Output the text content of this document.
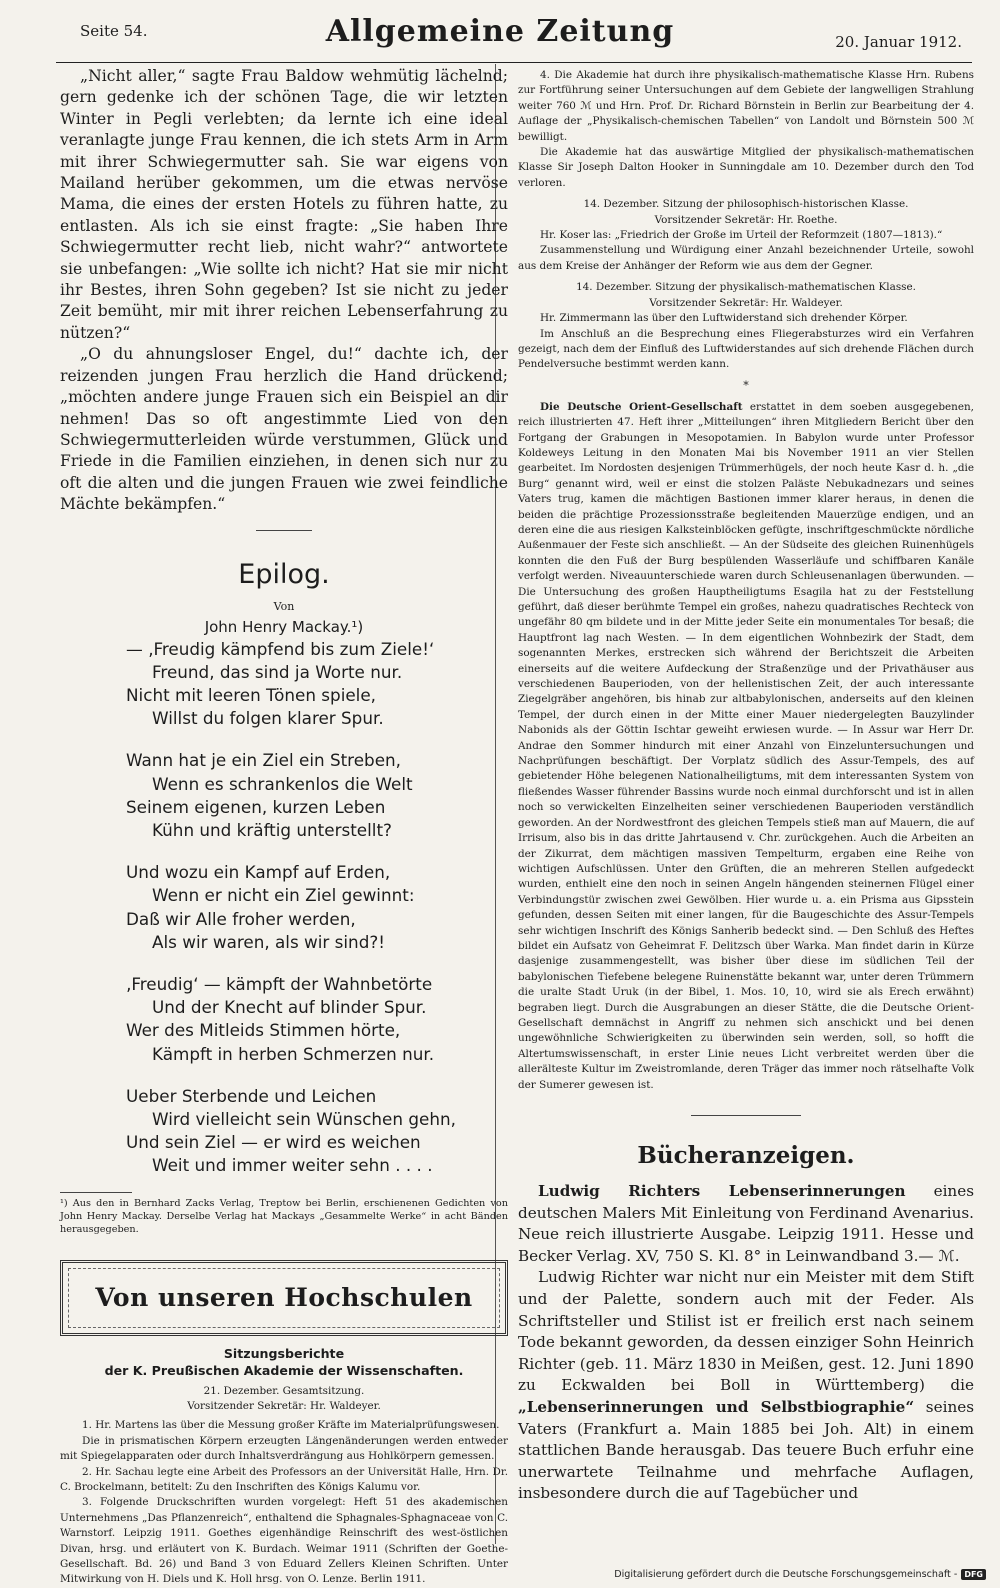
Seite 54.	Allgemeine Zeitung	20. Januar 1912.

„Nicht aller,“ sagte Frau Baldow wehmütig lächelnd; gern gedenke ich der schönen Tage, die wir letzten Winter in Pegli verlebten; da lernte ich eine ideal veranlagte junge Frau kennen, die ich stets Arm in Arm mit ihrer Schwiegermutter sah. Sie war eigens von Mailand herüber gekommen, um die etwas nervöse Mama, die eines der ersten Hotels zu führen hatte, zu entlasten. Als ich sie einst fragte: „Sie haben Ihre Schwiegermutter recht lieb, nicht wahr?“ antwortete sie unbefangen: „Wie sollte ich nicht? Hat sie mir nicht ihr Bestes, ihren Sohn gegeben? Ist sie nicht zu jeder Zeit bemüht, mir mit ihrer reichen Lebenserfahrung zu nützen?“

„O du ahnungsloser Engel, du!“ dachte ich, der reizenden jungen Frau herzlich die Hand drückend; „möchten andere junge Frauen sich ein Beispiel an dir nehmen! Das so oft angestimmte Lied von den Schwiegermutterleiden würde verstummen, Glück und Friede in die Familien einziehen, in denen sich nur zu oft die alten und die jungen Frauen wie zwei feindliche Mächte bekämpfen.“

Epilog.
Von
John Henry Mackay.¹)

— ‚Freudig kämpfend bis zum Ziele!‘

Freund, das sind ja Worte nur.

Nicht mit leeren Tönen spiele,

Willst du folgen klarer Spur.

Wann hat je ein Ziel ein Streben,

Wenn es schrankenlos die Welt

Seinem eigenen, kurzen Leben

Kühn und kräftig unterstellt?

Und wozu ein Kampf auf Erden,

Wenn er nicht ein Ziel gewinnt:

Daß wir Alle froher werden,

Als wir waren, als wir sind?!

‚Freudig‘ — kämpft der Wahnbetörte

Und der Knecht auf blinder Spur.

Wer des Mitleids Stimmen hörte,

Kämpft in herben Schmerzen nur.

Ueber Sterbende und Leichen

Wird vielleicht sein Wünschen gehn,

Und sein Ziel — er wird es weichen

Weit und immer weiter sehn . . . .

¹) Aus den in Bernhard Zacks Verlag, Treptow bei Berlin, erschienenen Gedichten von John Henry Mackay. Derselbe Verlag hat Mackays „Gesammelte Werke“ in acht Bänden herausgegeben.
Von unseren Hochschulen
Sitzungsberichte
der K. Preußischen Akademie der Wissenschaften.

21. Dezember. Gesamtsitzung.

Vorsitzender Sekretär: Hr. Waldeyer.

1. Hr. Martens las über die Messung großer Kräfte im Materialprüfungswesen.

Die in prismatischen Körpern erzeugten Längenänderungen werden entweder mit Spiegelapparaten oder durch Inhaltsverdrängung aus Hohlkörpern gemessen.

2. Hr. Sachau legte eine Arbeit des Professors an der Universität Halle, Hrn. Dr. C. Brockelmann, betitelt: Zu den Inschriften des Königs Kalumu vor.

3. Folgende Druckschriften wurden vorgelegt: Heft 51 des akademischen Unternehmens „Das Pflanzenreich“, enthaltend die Sphagnales-Sphagnaceae von C. Warnstorf. Leipzig 1911. Goethes eigenhändige Reinschrift des west-östlichen Divan, hrsg. und erläutert von K. Burdach. Weimar 1911 (Schriften der Goethe-Gesellschaft. Bd. 26) und Band 3 von Eduard Zellers Kleinen Schriften. Unter Mitwirkung von H. Diels und K. Holl hrsg. von O. Lenze. Berlin 1911.

4. Die Akademie hat durch ihre physikalisch-mathematische Klasse Hrn. Rubens zur Fortführung seiner Untersuchungen auf dem Gebiete der langwelligen Strahlung weiter 760 ℳ und Hrn. Prof. Dr. Richard Börnstein in Berlin zur Bearbeitung der 4. Auflage der „Physikalisch-chemischen Tabellen“ von Landolt und Börnstein 500 ℳ bewilligt.

Die Akademie hat das auswärtige Mitglied der physikalisch-mathematischen Klasse Sir Joseph Dalton Hooker in Sunningdale am 10. Dezember durch den Tod verloren.

14. Dezember. Sitzung der philosophisch-historischen Klasse.

Vorsitzender Sekretär: Hr. Roethe.

Hr. Koser las: „Friedrich der Große im Urteil der Reformzeit (1807—1813).“

Zusammenstellung und Würdigung einer Anzahl bezeichnender Urteile, sowohl aus dem Kreise der Anhänger der Reform wie aus dem der Gegner.

14. Dezember. Sitzung der physikalisch-mathematischen Klasse.

Vorsitzender Sekretär: Hr. Waldeyer.

Hr. Zimmermann las über den Luftwiderstand sich drehender Körper.

Im Anschluß an die Besprechung eines Fliegerabsturzes wird ein Verfahren gezeigt, nach dem der Einfluß des Luftwiderstandes auf sich drehende Flächen durch Pendelversuche bestimmt werden kann.

*

Die Deutsche Orient-Gesellschaft erstattet in dem soeben ausgegebenen, reich illustrierten 47. Heft ihrer „Mitteilungen“ ihren Mitgliedern Bericht über den Fortgang der Grabungen in Mesopotamien. In Babylon wurde unter Professor Koldeweys Leitung in den Monaten Mai bis November 1911 an vier Stellen gearbeitet. Im Nordosten desjenigen Trümmerhügels, der noch heute Kasr d. h. „die Burg“ genannt wird, weil er einst die stolzen Paläste Nebukadnezars und seines Vaters trug, kamen die mächtigen Bastionen immer klarer heraus, in denen die beiden die prächtige Prozessionsstraße begleitenden Mauerzüge endigen, und an deren eine die aus riesigen Kalksteinblöcken gefügte, inschriftgeschmückte nördliche Außenmauer der Feste sich anschließt. — An der Südseite des gleichen Ruinenhügels konnten die den Fuß der Burg bespülenden Wasserläufe und schiffbaren Kanäle verfolgt werden. Niveauunterschiede waren durch Schleusenanlagen überwunden. — Die Untersuchung des großen Hauptheiligtums Esagila hat zu der Feststellung geführt, daß dieser berühmte Tempel ein großes, nahezu quadratisches Rechteck von ungefähr 80 qm bildete und in der Mitte jeder Seite ein monumentales Tor besaß; die Hauptfront lag nach Westen. — In dem eigentlichen Wohnbezirk der Stadt, dem sogenannten Merkes, erstrecken sich während der Berichtszeit die Arbeiten einerseits auf die weitere Aufdeckung der Straßenzüge und der Privathäuser aus verschiedenen Bauperioden, von der hellenistischen Zeit, der auch interessante Ziegelgräber angehören, bis hinab zur altbabylonischen, anderseits auf den kleinen Tempel, der durch einen in der Mitte einer Mauer niedergelegten Bauzylinder Nabonids als der Göttin Ischtar geweiht erwiesen wurde. — In Assur war Herr Dr. Andrae den Sommer hindurch mit einer Anzahl von Einzeluntersuchungen und Nachprüfungen beschäftigt. Der Vorplatz südlich des Assur-Tempels, des auf gebietender Höhe belegenen Nationalheiligtums, mit dem interessanten System von fließendes Wasser führender Bassins wurde noch einmal durchforscht und ist in allen noch so verwickelten Einzelheiten seiner verschiedenen Bauperioden verständlich geworden. An der Nordwestfront des gleichen Tempels stieß man auf Mauern, die auf Irrisum, also bis in das dritte Jahrtausend v. Chr. zurückgehen. Auch die Arbeiten an der Zikurrat, dem mächtigen massiven Tempelturm, ergaben eine Reihe von wichtigen Aufschlüssen. Unter den Grüften, die an mehreren Stellen aufgedeckt wurden, enthielt eine den noch in seinen Angeln hängenden steinernen Flügel einer Verbindungstür zwischen zwei Gewölben. Hier wurde u. a. ein Prisma aus Gipsstein gefunden, dessen Seiten mit einer langen, für die Baugeschichte des Assur-Tempels sehr wichtigen Inschrift des Königs Sanherib bedeckt sind. — Den Schluß des Heftes bildet ein Aufsatz von Geheimrat F. Delitzsch über Warka. Man findet darin in Kürze dasjenige zusammengestellt, was bisher über diese im südlichen Teil der babylonischen Tiefebene belegene Ruinenstätte bekannt war, unter deren Trümmern die uralte Stadt Uruk (in der Bibel, 1. Mos. 10, 10, wird sie als Erech erwähnt) begraben liegt. Durch die Ausgrabungen an dieser Stätte, die die Deutsche Orient-Gesellschaft demnächst in Angriff zu nehmen sich anschickt und bei denen ungewöhnliche Schwierigkeiten zu überwinden sein werden, soll, so hofft die Altertumswissenschaft, in erster Linie neues Licht verbreitet werden über die allerälteste Kultur im Zweistromlande, deren Träger das immer noch rätselhafte Volk der Sumerer gewesen ist.

Bücheranzeigen.

Ludwig Richters Lebenserinnerungen eines deutschen Malers Mit Einleitung von Ferdinand Avenarius. Neue reich illustrierte Ausgabe. Leipzig 1911. Hesse und Becker Verlag. XV, 750 S. Kl. 8° in Leinwandband 3.— ℳ.

Ludwig Richter war nicht nur ein Meister mit dem Stift und der Palette, sondern auch mit der Feder. Als Schriftsteller und Stilist ist er freilich erst nach seinem Tode bekannt geworden, da dessen einziger Sohn Heinrich Richter (geb. 11. März 1830 in Meißen, gest. 12. Juni 1890 zu Eckwalden bei Boll in Württemberg) die „Lebenserinnerungen und Selbstbiographie“ seines Vaters (Frankfurt a. Main 1885 bei Joh. Alt) in einem stattlichen Bande herausgab. Das teuere Buch erfuhr eine unerwartete Teilnahme und mehrfache Auflagen, insbesondere durch die auf Tagebücher und

Digitalisierung gefördert durch die Deutsche Forschungsgemeinschaft - DFG
